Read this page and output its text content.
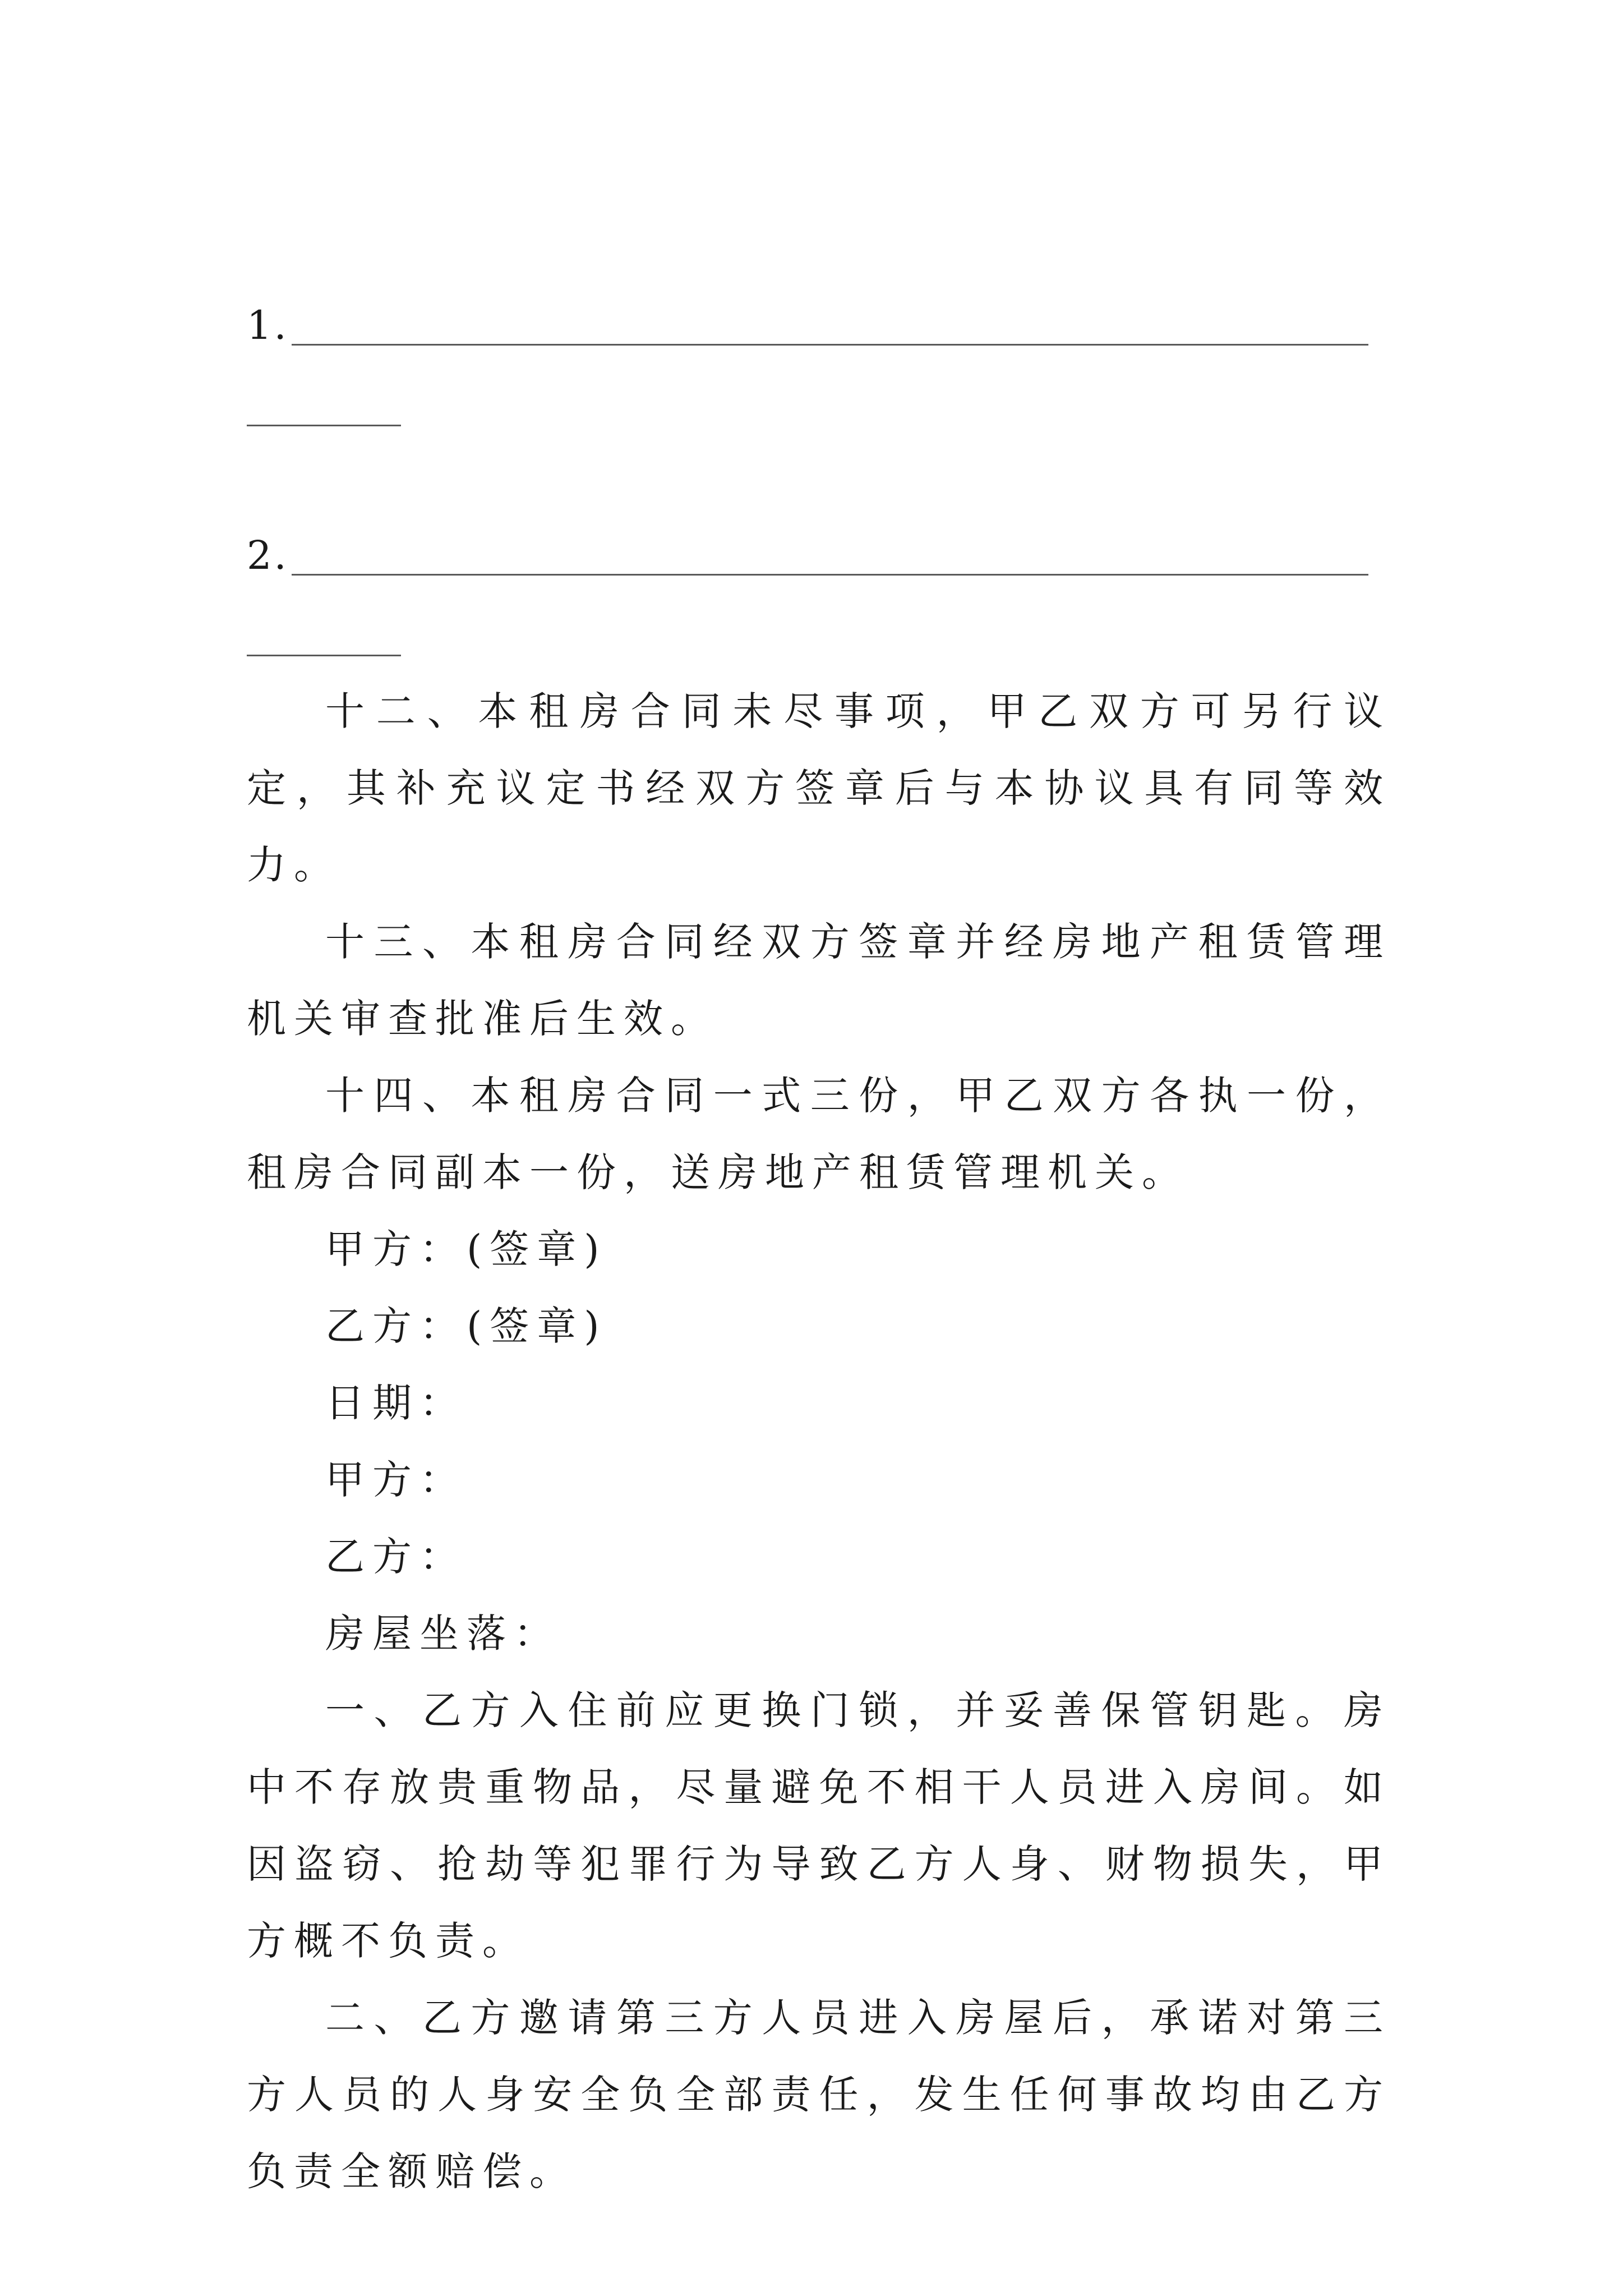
1.
2.

十二、本租房合同未尽事项，甲乙双方可另行议定，其补充议定书经双方签章后与本协议具有同等效力。

十三、本租房合同经双方签章并经房地产租赁管理机关审查批准后生效。

十四、本租房合同一式三份，甲乙双方各执一份，租房合同副本一份，送房地产租赁管理机关。

甲方：(签章)

乙方：(签章)

日期：

甲方：

乙方：

房屋坐落：

一、乙方入住前应更换门锁，并妥善保管钥匙。房中不存放贵重物品，尽量避免不相干人员进入房间。如因盗窃、抢劫等犯罪行为导致乙方人身、财物损失，甲方概不负责。

二、乙方邀请第三方人员进入房屋后，承诺对第三方人员的人身安全负全部责任，发生任何事故均由乙方负责全额赔偿。
